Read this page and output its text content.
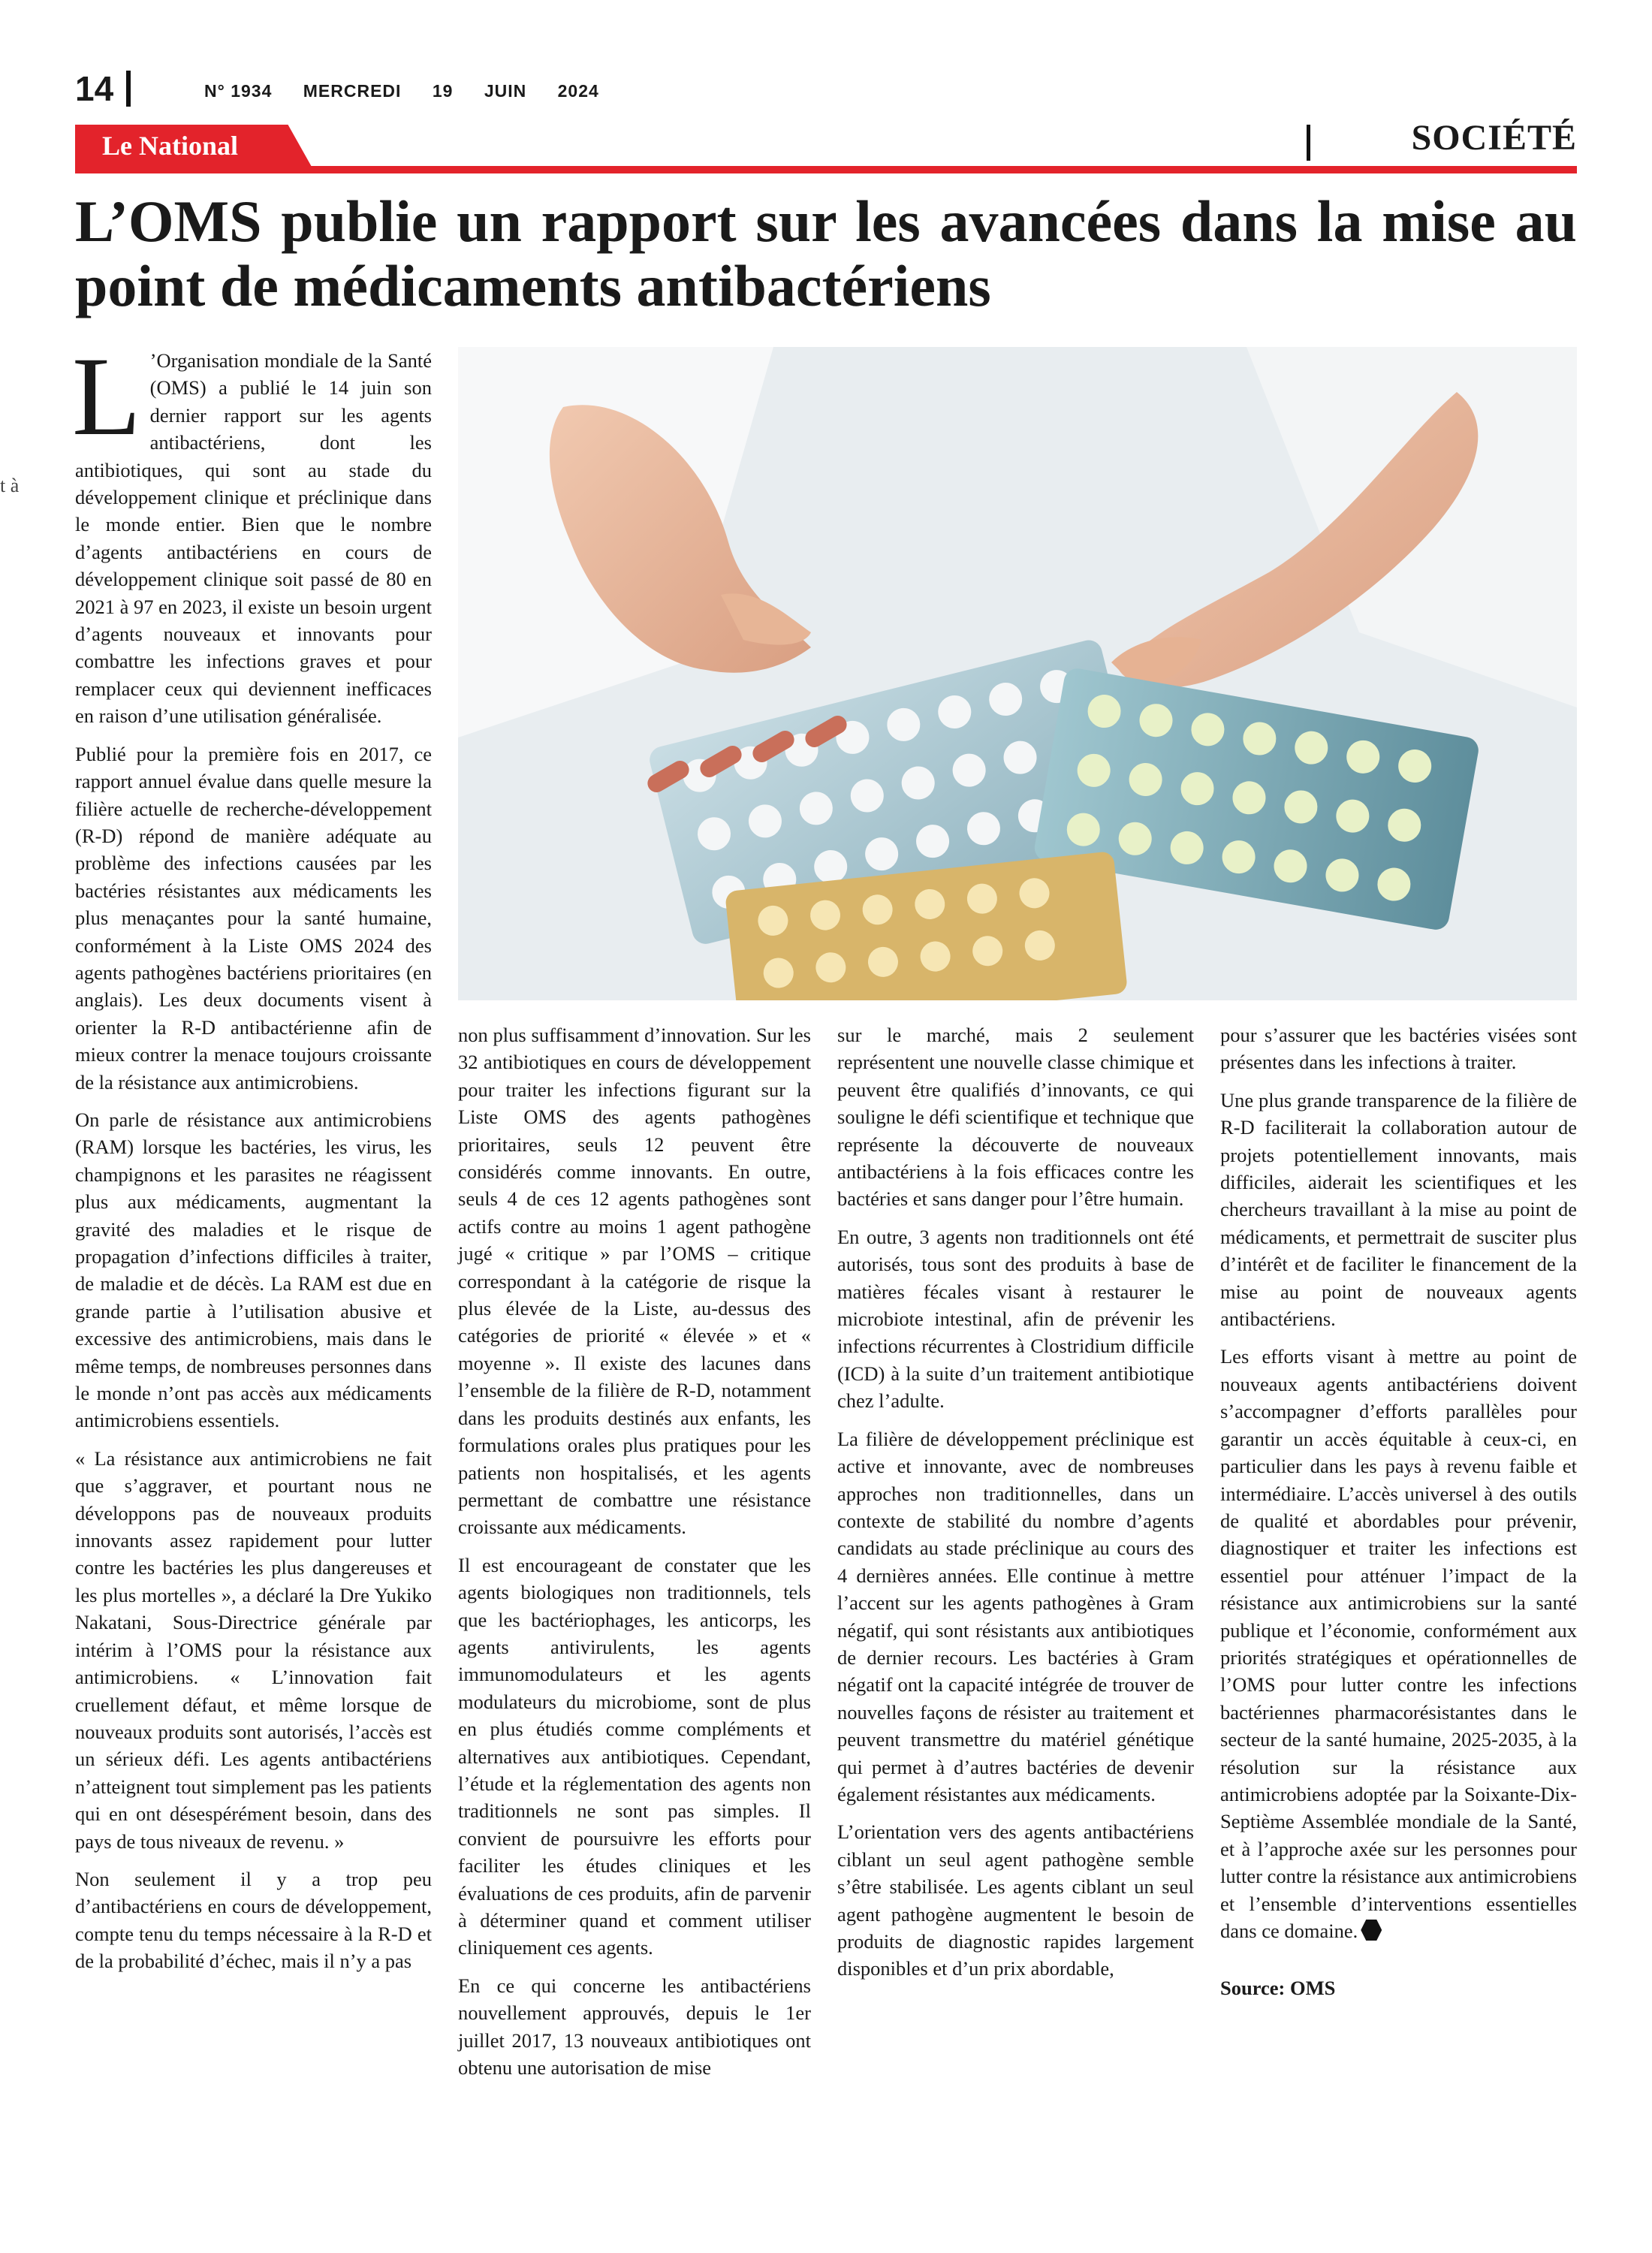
t à
14	N° 1934 MERCREDI 19 JUIN 2024
Le National	SOCIÉTÉ
L’OMS publie un rapport sur les avancées dans la mise au point de médicaments antibactériens

L ’Organisation mondiale de la Santé (OMS) a publié le 14 juin son dernier rapport sur les agents antibactériens, dont les antibiotiques, qui sont au stade du développement clinique et préclinique dans le monde entier. Bien que le nombre d’agents antibactériens en cours de développement clinique soit passé de 80 en 2021 à 97 en 2023, il existe un besoin urgent d’agents nouveaux et innovants pour combattre les infections graves et pour remplacer ceux qui deviennent inefficaces en raison d’une utilisation généralisée.

Publié pour la première fois en 2017, ce rapport annuel évalue dans quelle mesure la filière actuelle de recherche-développement (R-D) répond de manière adéquate au problème des infections causées par les bactéries résistantes aux médicaments les plus menaçantes pour la santé humaine, conformément à la Liste OMS 2024 des agents pathogènes bactériens prioritaires (en anglais). Les deux documents visent à orienter la R-D antibactérienne afin de mieux contrer la menace toujours croissante de la résistance aux antimicrobiens.

On parle de résistance aux antimicrobiens (RAM) lorsque les bactéries, les virus, les champignons et les parasites ne réagissent plus aux médicaments, augmentant la gravité des maladies et le risque de propagation d’infections difficiles à traiter, de maladie et de décès. La RAM est due en grande partie à l’utilisation abusive et excessive des antimicrobiens, mais dans le même temps, de nombreuses personnes dans le monde n’ont pas accès aux médicaments antimicrobiens essentiels.

« La résistance aux antimicrobiens ne fait que s’aggraver, et pourtant nous ne développons pas de nouveaux produits innovants assez rapidement pour lutter contre les bactéries les plus dangereuses et les plus mortelles », a déclaré la Dre Yukiko Nakatani, Sous-Directrice générale par intérim à l’OMS pour la résistance aux antimicrobiens. « L’innovation fait cruellement défaut, et même lorsque de nouveaux produits sont autorisés, l’accès est un sérieux défi. Les agents antibactériens n’atteignent tout simplement pas les patients qui en ont désespérément besoin, dans des pays de tous niveaux de revenu. »

Non seulement il y a trop peu d’antibactériens en cours de développement, compte tenu du temps nécessaire à la R-D et de la probabilité d’échec, mais il n’y a pas

non plus suffisamment d’innovation. Sur les 32 antibiotiques en cours de développement pour traiter les infections figurant sur la Liste OMS des agents pathogènes prioritaires, seuls 12 peuvent être considérés comme innovants. En outre, seuls 4 de ces 12 agents pathogènes sont actifs contre au moins 1 agent pathogène jugé « critique » par l’OMS – critique correspondant à la catégorie de risque la plus élevée de la Liste, au-dessus des catégories de priorité « élevée » et « moyenne ». Il existe des lacunes dans l’ensemble de la filière de R-D, notamment dans les produits destinés aux enfants, les formulations orales plus pratiques pour les patients non hospitalisés, et les agents permettant de combattre une résistance croissante aux médicaments.

Il est encourageant de constater que les agents biologiques non traditionnels, tels que les bactériophages, les anticorps, les agents antivirulents, les agents immunomodulateurs et les agents modulateurs du microbiome, sont de plus en plus étudiés comme compléments et alternatives aux antibiotiques. Cependant, l’étude et la réglementation des agents non traditionnels ne sont pas simples. Il convient de poursuivre les efforts pour faciliter les études cliniques et les évaluations de ces produits, afin de parvenir à déterminer quand et comment utiliser cliniquement ces agents.

En ce qui concerne les antibactériens nouvellement approuvés, depuis le 1er juillet 2017, 13 nouveaux antibiotiques ont obtenu une autorisation de mise

sur le marché, mais 2 seulement représentent une nouvelle classe chimique et peuvent être qualifiés d’innovants, ce qui souligne le défi scientifique et technique que représente la découverte de nouveaux antibactériens à la fois efficaces contre les bactéries et sans danger pour l’être humain.

En outre, 3 agents non traditionnels ont été autorisés, tous sont des produits à base de matières fécales visant à restaurer le microbiote intestinal, afin de prévenir les infections récurrentes à Clostridium difficile (ICD) à la suite d’un traitement antibiotique chez l’adulte.

La filière de développement préclinique est active et innovante, avec de nombreuses approches non traditionnelles, dans un contexte de stabilité du nombre d’agents candidats au stade préclinique au cours des 4 dernières années. Elle continue à mettre l’accent sur les agents pathogènes à Gram négatif, qui sont résistants aux antibiotiques de dernier recours. Les bactéries à Gram négatif ont la capacité intégrée de trouver de nouvelles façons de résister au traitement et peuvent transmettre du matériel génétique qui permet à d’autres bactéries de devenir également résistantes aux médicaments.

L’orientation vers des agents antibactériens ciblant un seul agent pathogène semble s’être stabilisée. Les agents ciblant un seul agent pathogène augmentent le besoin de produits de diagnostic rapides largement disponibles et d’un prix abordable,

pour s’assurer que les bactéries visées sont présentes dans les infections à traiter.

Une plus grande transparence de la filière de R-D faciliterait la collaboration autour de projets potentiellement innovants, mais difficiles, aiderait les scientifiques et les chercheurs travaillant à la mise au point de médicaments, et permettrait de susciter plus d’intérêt et de faciliter le financement de la mise au point de nouveaux agents antibactériens.

Les efforts visant à mettre au point de nouveaux agents antibactériens doivent s’accompagner d’efforts parallèles pour garantir un accès équitable à ceux-ci, en particulier dans les pays à revenu faible et intermédiaire. L’accès universel à des outils de qualité et abordables pour prévenir, diagnostiquer et traiter les infections est essentiel pour atténuer l’impact de la résistance aux antimicrobiens sur la santé publique et l’économie, conformément aux priorités stratégiques et opérationnelles de l’OMS pour lutter contre les infections bactériennes pharmacorésistantes dans le secteur de la santé humaine, 2025-2035, à la résolution sur la résistance aux antimicrobiens adoptée par la Soixante-Dix-Septième Assemblée mondiale de la Santé, et à l’approche axée sur les personnes pour lutter contre la résistance aux antimicrobiens et l’ensemble d’interventions essentielles dans ce domaine.

Source: OMS
